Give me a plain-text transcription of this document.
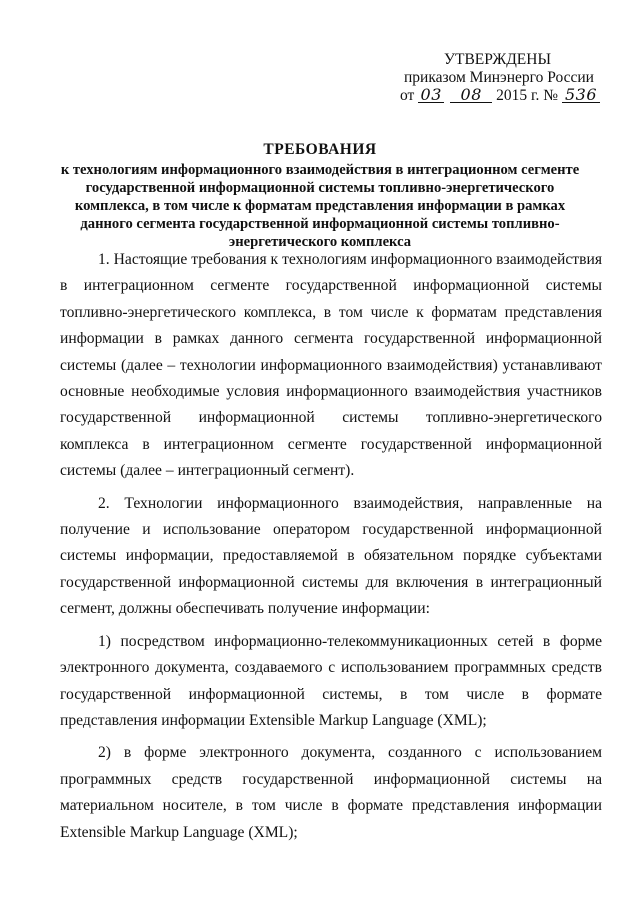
УТВЕРЖДЕНЫ
приказом Минэнерго России
от 03 08 2015 г. № 536
ТРЕБОВАНИЯ
к технологиям информационного взаимодействия в интеграционном сегменте государственной информационной системы топливно-энергетического комплекса, в том числе к форматам представления информации в рамках данного сегмента государственной информационной системы топливно-энергетического комплекса

1. Настоящие требования к технологиям информационного взаимодействия в интеграционном сегменте государственной информационной системы топливно-энергетического комплекса, в том числе к форматам представления информации в рамках данного сегмента государственной информационной системы (далее – технологии информационного взаимодействия) устанавливают основные необходимые условия информационного взаимодействия участников государственной информационной системы топливно-энергетического комплекса в интеграционном сегменте государственной информационной системы (далее – интеграционный сегмент).

2. Технологии информационного взаимодействия, направленные на получение и использование оператором государственной информационной системы информации, предоставляемой в обязательном порядке субъектами государственной информационной системы для включения в интеграционный сегмент, должны обеспечивать получение информации:

1) посредством информационно-телекоммуникационных сетей в форме электронного документа, создаваемого с использованием программных средств государственной информационной системы, в том числе в формате представления информации Extensible Markup Language (XML);

2) в форме электронного документа, созданного с использованием программных средств государственной информационной системы на материальном носителе, в том числе в формате представления информации Extensible Markup Language (XML);
